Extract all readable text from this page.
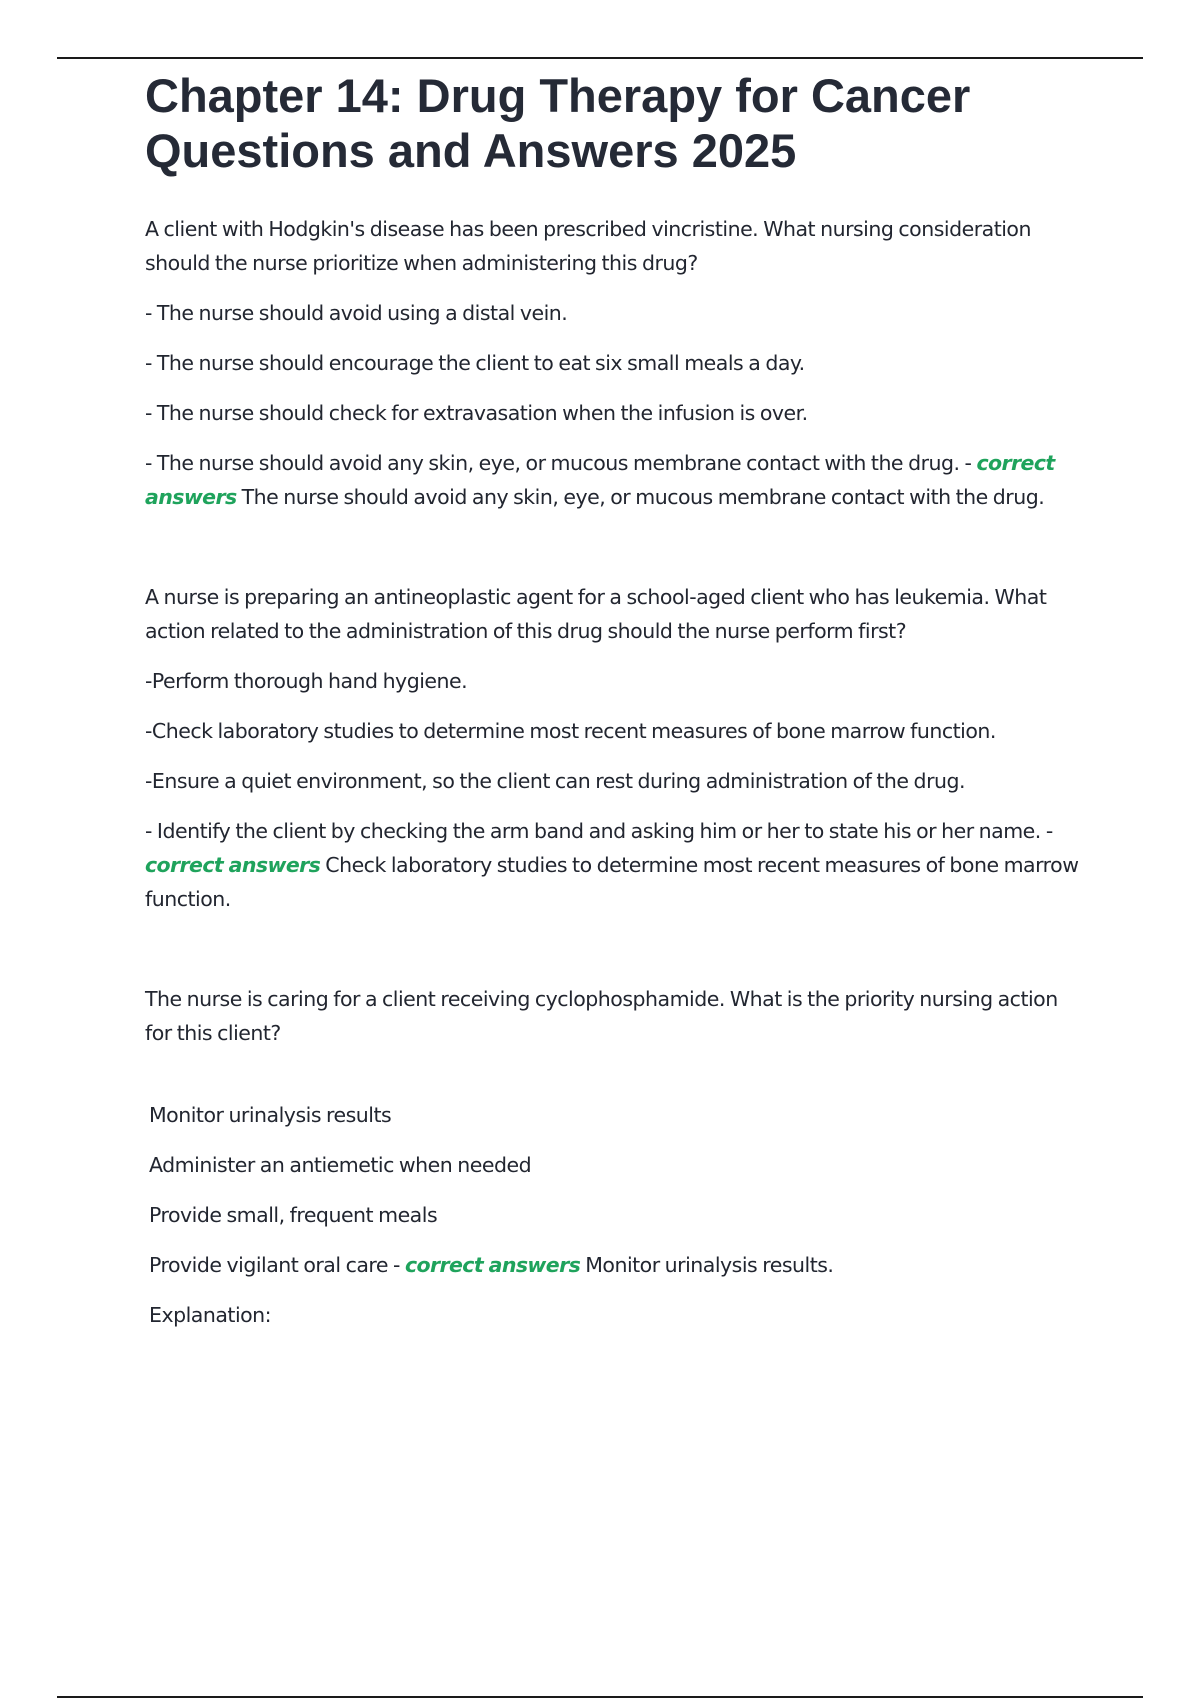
Chapter 14: Drug Therapy for Cancer Questions and Answers 2025

A client with Hodgkin's disease has been prescribed vincristine. What nursing consideration should the nurse prioritize when administering this drug?

- The nurse should avoid using a distal vein.

- The nurse should encourage the client to eat six small meals a day.

- The nurse should check for extravasation when the infusion is over.

- The nurse should avoid any skin, eye, or mucous membrane contact with the drug. - correct answers The nurse should avoid any skin, eye, or mucous membrane contact with the drug.

A nurse is preparing an antineoplastic agent for a school-aged client who has leukemia. What action related to the administration of this drug should the nurse perform first?

-Perform thorough hand hygiene.

-Check laboratory studies to determine most recent measures of bone marrow function.

-Ensure a quiet environment, so the client can rest during administration of the drug.

- Identify the client by checking the arm band and asking him or her to state his or her name. - correct answers Check laboratory studies to determine most recent measures of bone marrow function.

The nurse is caring for a client receiving cyclophosphamide. What is the priority nursing action for this client?

Monitor urinalysis results

Administer an antiemetic when needed

Provide small, frequent meals

Provide vigilant oral care - correct answers Monitor urinalysis results.

Explanation:
